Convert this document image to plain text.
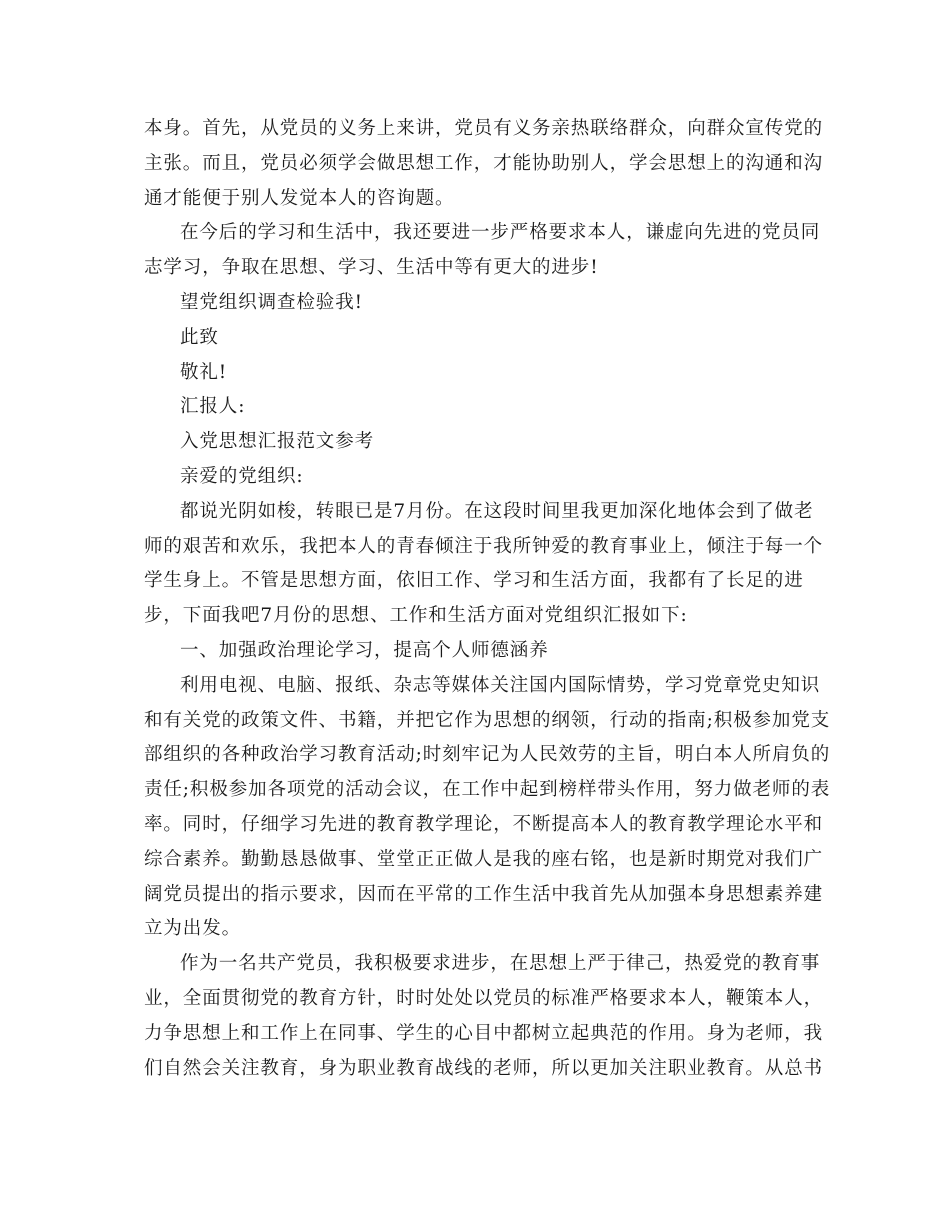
本身。首先，从党员的义务上来讲，党员有义务亲热联络群众，向群众宣传党的
主张。而且，党员必须学会做思想工作，才能协助别人，学会思想上的沟通和沟
通才能便于别人发觉本人的咨询题。
在今后的学习和生活中，我还要进一步严格要求本人，谦虚向先进的党员同
志学习，争取在思想、学习、生活中等有更大的进步!
望党组织调查检验我!
此致
敬礼!
汇报人:
入党思想汇报范文参考
亲爱的党组织:
都说光阴如梭，转眼已是7月份。在这段时间里我更加深化地体会到了做老
师的艰苦和欢乐，我把本人的青春倾注于我所钟爱的教育事业上，倾注于每一个
学生身上。不管是思想方面，依旧工作、学习和生活方面，我都有了长足的进
步，下面我吧7月份的思想、工作和生活方面对党组织汇报如下:
一、加强政治理论学习，提高个人师德涵养
利用电视、电脑、报纸、杂志等媒体关注国内国际情势，学习党章党史知识
和有关党的政策文件、书籍，并把它作为思想的纲领，行动的指南;积极参加党支
部组织的各种政治学习教育活动;时刻牢记为人民效劳的主旨，明白本人所肩负的
责任;积极参加各项党的活动会议，在工作中起到榜样带头作用，努力做老师的表
率。同时，仔细学习先进的教育教学理论，不断提高本人的教育教学理论水平和
综合素养。勤勤恳恳做事、堂堂正正做人是我的座右铭，也是新时期党对我们广
阔党员提出的指示要求，因而在平常的工作生活中我首先从加强本身思想素养建
立为出发。
作为一名共产党员，我积极要求进步，在思想上严于律己，热爱党的教育事
业，全面贯彻党的教育方针，时时处处以党员的标准严格要求本人，鞭策本人，
力争思想上和工作上在同事、学生的心目中都树立起典范的作用。身为老师，我
们自然会关注教育，身为职业教育战线的老师，所以更加关注职业教育。从总书
